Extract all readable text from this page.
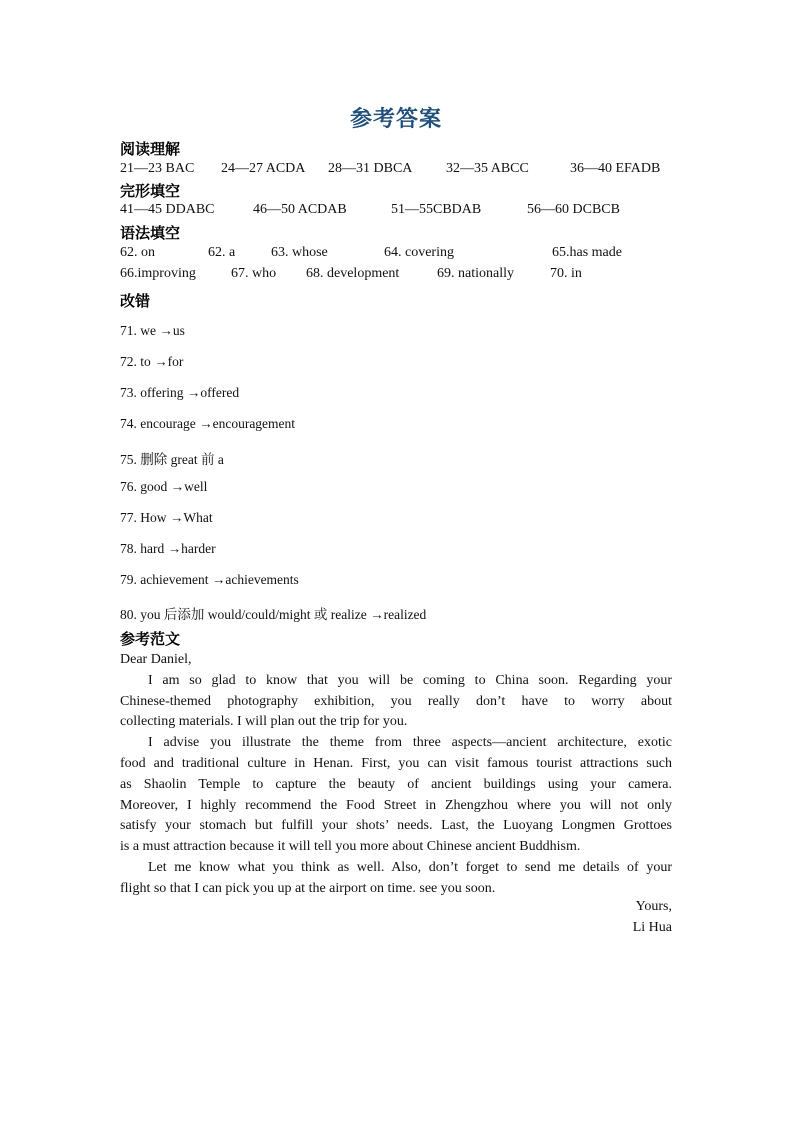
参考答案
阅读理解
21—23 BAC 24—27 ACDA 28—31 DBCA 32—35 ABCC	36—40 EFADB
完形填空
41—45 DDABC	46—50 ACDAB	51—55CBDAB	56—60 DCBCB
语法填空
62. on	62. a	63. whose	64. covering	65.has made
66.improving	67. who 68. development	69. nationally	70. in
改错
71. we →us
72. to →for
73. offering →offered
74. encourage →encouragement
75. 删除 great 前 a
76. good →well
77. How →What
78. hard →harder
79. achievement →achievements
80. you 后添加 would/could/might 或 realize →realized
参考范文
Dear Daniel,
I am so glad to know that you will be coming to China soon. Regarding your
Chinese-themed photography exhibition, you really don’t have to worry about
collecting materials. I will plan out the trip for you.
I advise you illustrate the theme from three aspects—ancient architecture, exotic
food and traditional culture in Henan. First, you can visit famous tourist attractions such
as Shaolin Temple to capture the beauty of ancient buildings using your camera.
Moreover, I highly recommend the Food Street in Zhengzhou where you will not only
satisfy your stomach but fulfill your shots’ needs. Last, the Luoyang Longmen Grottoes
is a must attraction because it will tell you more about Chinese ancient Buddhism.
Let me know what you think as well. Also, don’t forget to send me details of your
flight so that I can pick you up at the airport on time. see you soon.
Yours,
Li Hua
